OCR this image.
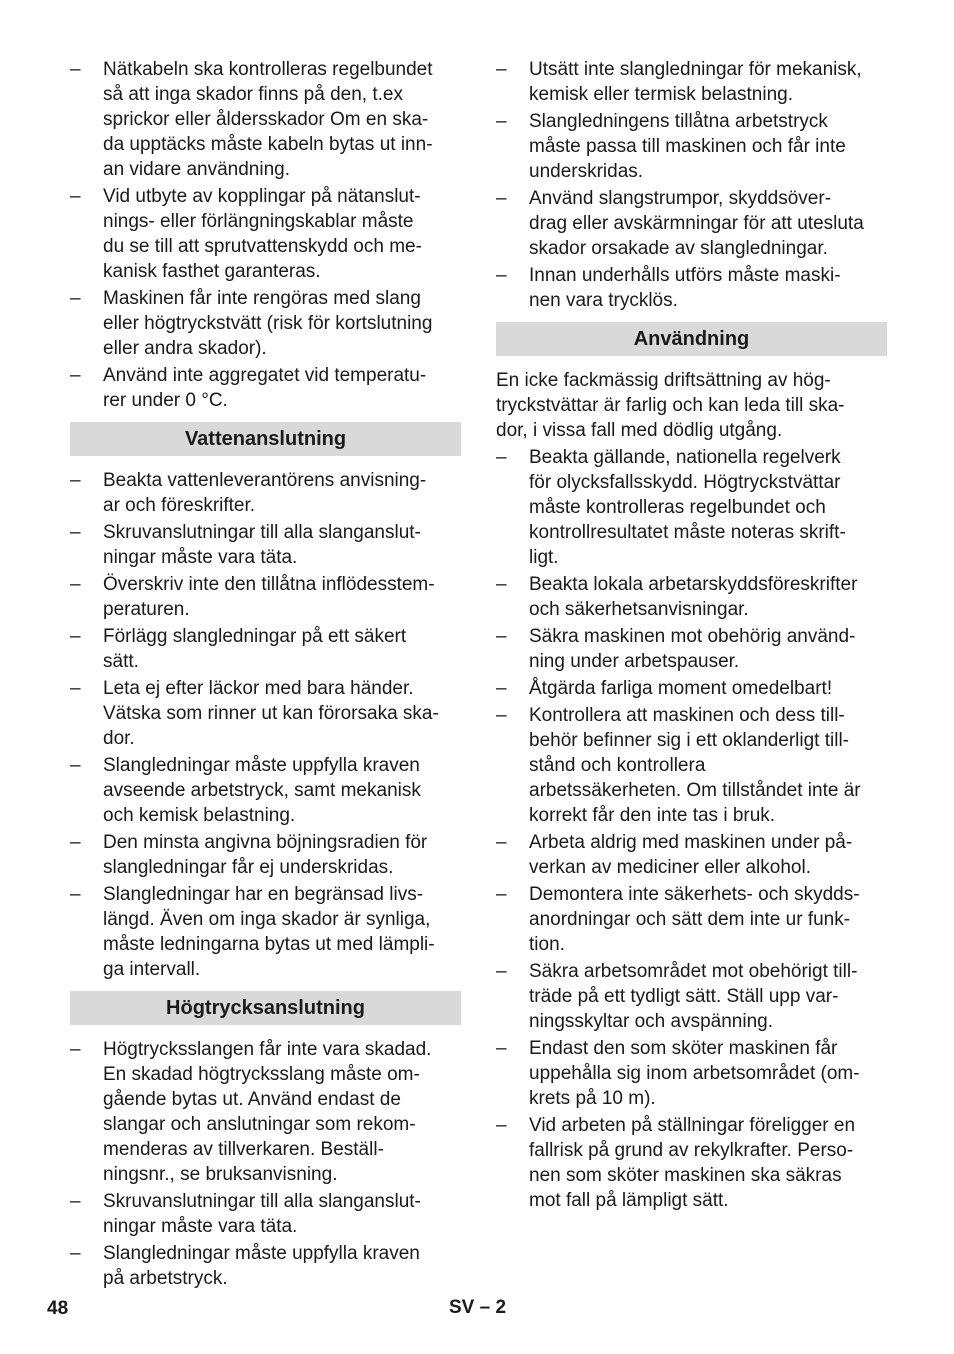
–
Nätkabeln ska kontrolleras regelbundet
så att inga skador finns på den, t.ex
sprickor eller åldersskador Om en ska-
da upptäcks måste kabeln bytas ut inn-
an vidare användning.
–
Vid utbyte av kopplingar på nätanslut-
nings- eller förlängningskablar måste
du se till att sprutvattenskydd och me-
kanisk fasthet garanteras.
–
Maskinen får inte rengöras med slang
eller högtryckstvätt (risk för kortslutning
eller andra skador).
–
Använd inte aggregatet vid temperatu-
rer under 0 °C.
Vattenanslutning
–
Beakta vattenleverantörens anvisning-
ar och föreskrifter.
–
Skruvanslutningar till alla slanganslut-
ningar måste vara täta.
–
Överskriv inte den tillåtna inflödesstem-
peraturen.
–
Förlägg slangledningar på ett säkert
sätt.
–
Leta ej efter läckor med bara händer.
Vätska som rinner ut kan förorsaka ska-
dor.
–
Slangledningar måste uppfylla kraven
avseende arbetstryck, samt mekanisk
och kemisk belastning.
–
Den minsta angivna böjningsradien för
slangledningar får ej underskridas.
–
Slangledningar har en begränsad livs-
längd. Även om inga skador är synliga,
måste ledningarna bytas ut med lämpli-
ga intervall.
Högtrycksanslutning
–
Högtrycksslangen får inte vara skadad.
En skadad högtrycksslang måste om-
gående bytas ut. Använd endast de
slangar och anslutningar som rekom-
menderas av tillverkaren. Beställ-
ningsnr., se bruksanvisning.
–
Skruvanslutningar till alla slanganslut-
ningar måste vara täta.
–
Slangledningar måste uppfylla kraven
på arbetstryck.
–
Utsätt inte slangledningar för mekanisk,
kemisk eller termisk belastning.
–
Slangledningens tillåtna arbetstryck
måste passa till maskinen och får inte
underskridas.
–
Använd slangstrumpor, skyddsöver-
drag eller avskärmningar för att utesluta
skador orsakade av slangledningar.
–
Innan underhålls utförs måste maski-
nen vara trycklös.
Användning
En icke fackmässig driftsättning av hög-
tryckstvättar är farlig och kan leda till ska-
dor, i vissa fall med dödlig utgång.
–
Beakta gällande, nationella regelverk
för olycksfallsskydd. Högtryckstvättar
måste kontrolleras regelbundet och
kontrollresultatet måste noteras skrift-
ligt.
–
Beakta lokala arbetarskyddsföreskrifter
och säkerhetsanvisningar.
–
Säkra maskinen mot obehörig använd-
ning under arbetspauser.
–
Åtgärda farliga moment omedelbart!
–
Kontrollera att maskinen och dess till-
behör befinner sig i ett oklanderligt till-
stånd och kontrollera
arbetssäkerheten. Om tillståndet inte är
korrekt får den inte tas i bruk.
–
Arbeta aldrig med maskinen under på-
verkan av mediciner eller alkohol.
–
Demontera inte säkerhets- och skydds-
anordningar och sätt dem inte ur funk-
tion.
–
Säkra arbetsområdet mot obehörigt till-
träde på ett tydligt sätt. Ställ upp var-
ningsskyltar och avspänning.
–
Endast den som sköter maskinen får
uppehålla sig inom arbetsområdet (om-
krets på 10 m).
–
Vid arbeten på ställningar föreligger en
fallrisk på grund av rekylkrafter. Perso-
nen som sköter maskinen ska säkras
mot fall på lämpligt sätt.
48	SV – 2
